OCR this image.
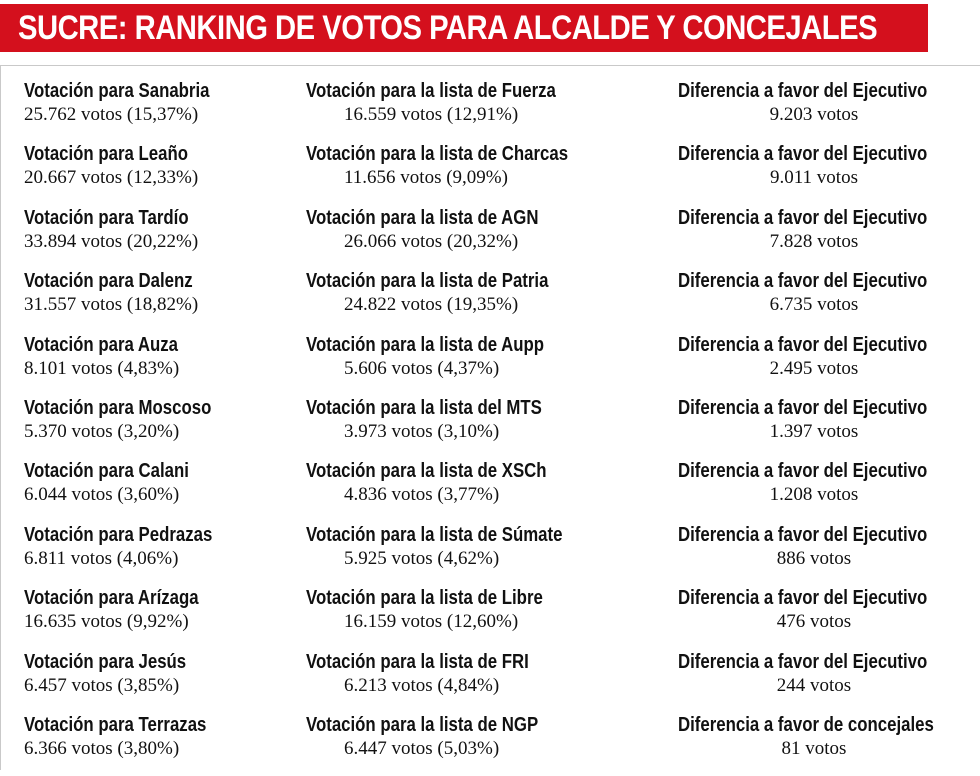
SUCRE: RANKING DE VOTOS PARA ALCALDE Y CONCEJALES
Votación para Sanabria
25.762 votos (15,37%)
Votación para Leaño
20.667 votos (12,33%)
Votación para Tardío
33.894 votos (20,22%)
Votación para Dalenz
31.557 votos (18,82%)
Votación para Auza
8.101 votos (4,83%)
Votación para Moscoso
5.370 votos (3,20%)
Votación para Calani
6.044 votos (3,60%)
Votación para Pedrazas
6.811 votos (4,06%)
Votación para Arízaga
16.635 votos (9,92%)
Votación para Jesús
6.457 votos (3,85%)
Votación para Terrazas
6.366 votos (3,80%)
Votación para la lista de Fuerza
16.559 votos (12,91%)
Votación para la lista de Charcas
11.656 votos (9,09%)
Votación para la lista de AGN
26.066 votos (20,32%)
Votación para la lista de Patria
24.822 votos (19,35%)
Votación para la lista de Aupp
5.606 votos (4,37%)
Votación para la lista del MTS
3.973 votos (3,10%)
Votación para la lista de XSCh
4.836 votos (3,77%)
Votación para la lista de Súmate
5.925 votos (4,62%)
Votación para la lista de Libre
16.159 votos (12,60%)
Votación para la lista de FRI
6.213 votos (4,84%)
Votación para la lista de NGP
6.447 votos (5,03%)
Diferencia a favor del Ejecutivo
9.203 votos
Diferencia a favor del Ejecutivo
9.011 votos
Diferencia a favor del Ejecutivo
7.828 votos
Diferencia a favor del Ejecutivo
6.735 votos
Diferencia a favor del Ejecutivo
2.495 votos
Diferencia a favor del Ejecutivo
1.397 votos
Diferencia a favor del Ejecutivo
1.208 votos
Diferencia a favor del Ejecutivo
886 votos
Diferencia a favor del Ejecutivo
476 votos
Diferencia a favor del Ejecutivo
244 votos
Diferencia a favor de concejales
81 votos
